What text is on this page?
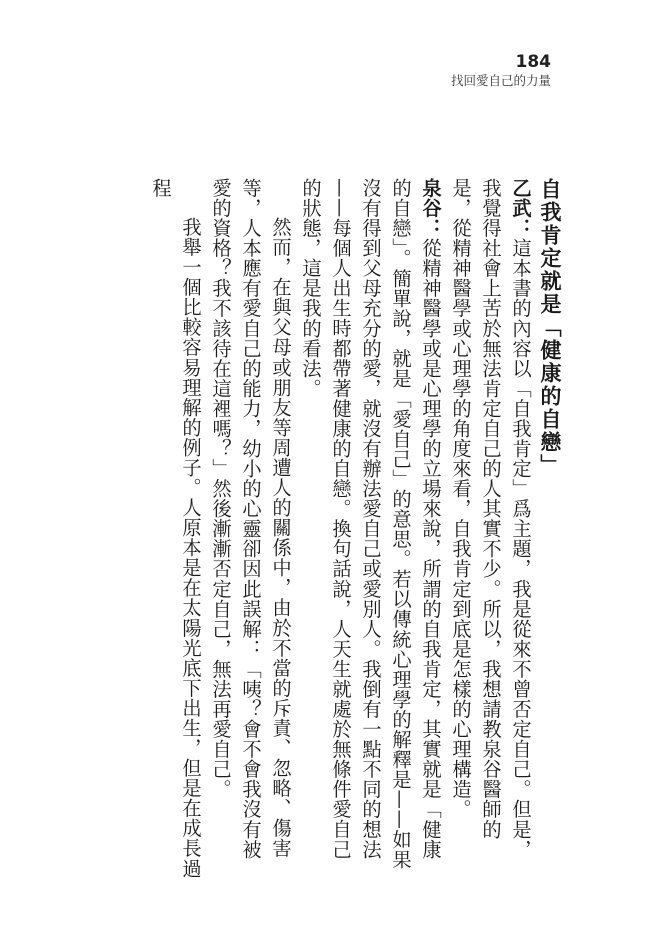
184
找回愛自己的力量
自我肯定就是「健康的自戀」

乙武：這本書的內容以「自我肯定」爲主題，我是從來不曾否定自己。但是，我覺得社會上苦於無法肯定自己的人其實不少。所以，我想請教泉谷醫師的是，從精神醫學或心理學的角度來看，自我肯定到底是怎樣的心理構造。

泉谷：從精神醫學或是心理學的立場來說，所謂的自我肯定，其實就是「健康的自戀」。簡單說，就是「愛自己」的意思。若以傳統心理學的解釋是——如果沒有得到父母充分的愛，就沒有辦法愛自己或愛別人。我倒有一點不同的想法——每個人出生時都帶著健康的自戀。換句話說，人天生就處於無條件愛自己的狀態，這是我的看法。

然而，在與父母或朋友等周遭人的關係中，由於不當的斥責、忽略、傷害等，人本應有愛自己的能力，幼小的心靈卻因此誤解：「咦？會不會我沒有被愛的資格？我不該待在這裡嗎？」然後漸漸否定自己，無法再愛自己。

我舉一個比較容易理解的例子。人原本是在太陽光底下出生，但是在成長過程
